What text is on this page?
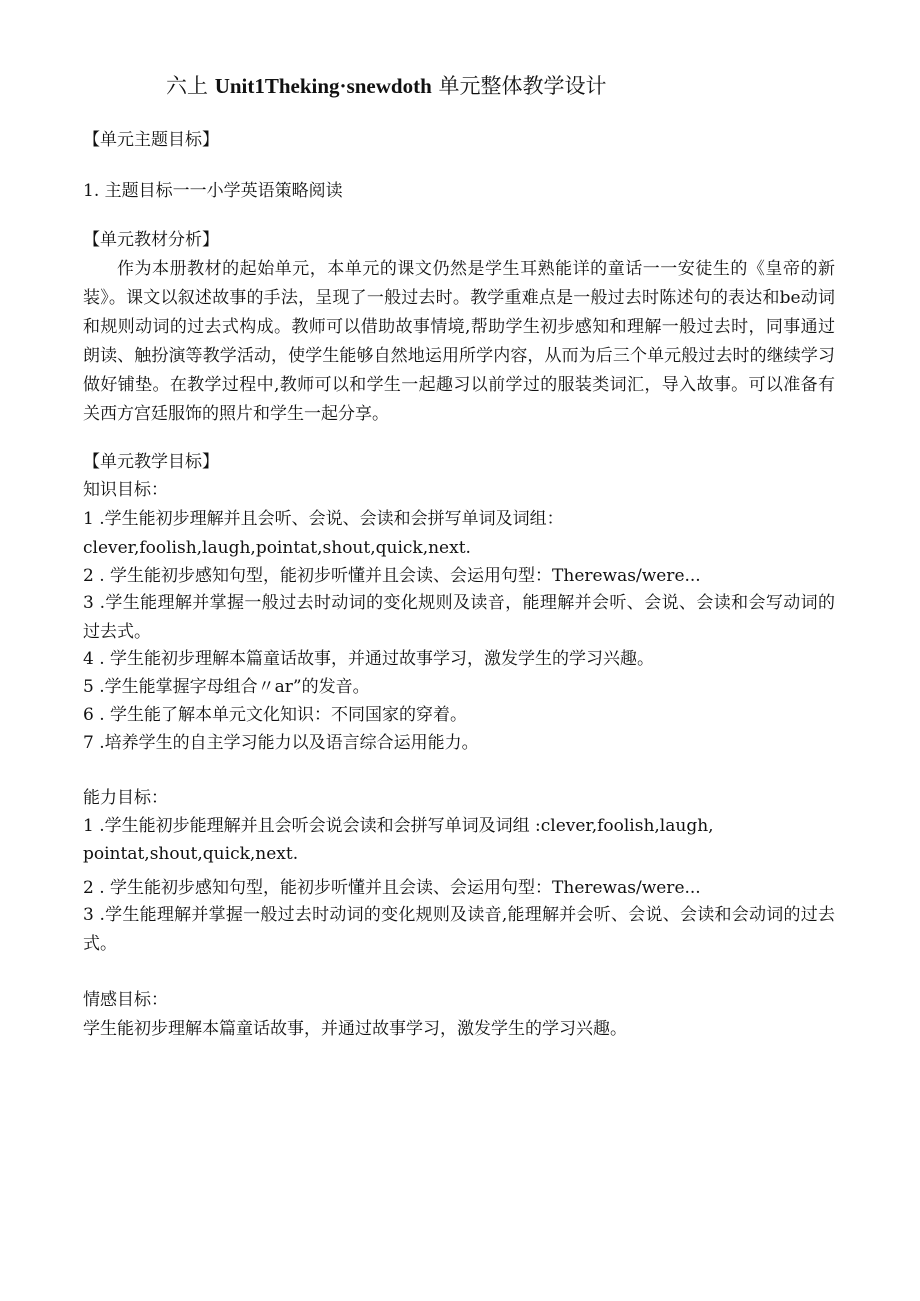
六上 Unit1Theking·snewdoth 单元整体教学设计
【单元主题目标】
1. 主题目标一一小学英语策略阅读
【单元教材分析】
作为本册教材的起始单元，本单元的课文仍然是学生耳熟能详的童话一一安徒生的《皇帝的新装》。课文以叙述故事的手法，呈现了一般过去时。教学重难点是一般过去时陈述句的表达和be动词和规则动词的过去式构成。教师可以借助故事情境,帮助学生初步感知和理解一般过去时，同事通过朗读、触扮演等教学活动，使学生能够自然地运用所学内容，从而为后三个单元般过去时的继续学习做好铺垫。在教学过程中,教师可以和学生一起趣习以前学过的服装类词汇，导入故事。可以准备有关西方宫廷服饰的照片和学生一起分享。
【单元教学目标】
知识目标：
1 .学生能初步理解并且会听、会说、会读和会拼写单词及词组：
clever,foolish,laugh,pointat,shout,quick,next.
2 . 学生能初步感知句型，能初步听懂并且会读、会运用句型：Therewas/were...
3 .学生能理解并掌握一般过去时动词的变化规则及读音，能理解并会听、会说、会读和会写动词的过去式。
4 . 学生能初步理解本篇童话故事，并通过故事学习，激发学生的学习兴趣。
5 .学生能掌握字母组合〃ar”的发音。
6 . 学生能了解本单元文化知识：不同国家的穿着。
7 .培养学生的自主学习能力以及语言综合运用能力。
能力目标：
1 .学生能初步能理解并且会听会说会读和会拼写单词及词组 :clever,foolish,laugh,
pointat,shout,quick,next.
2 . 学生能初步感知句型，能初步听懂并且会读、会运用句型：Therewas/were...
3 .学生能理解并掌握一般过去时动词的变化规则及读音,能理解并会听、会说、会读和会动词的过去式。
情感目标：
学生能初步理解本篇童话故事，并通过故事学习，激发学生的学习兴趣。
